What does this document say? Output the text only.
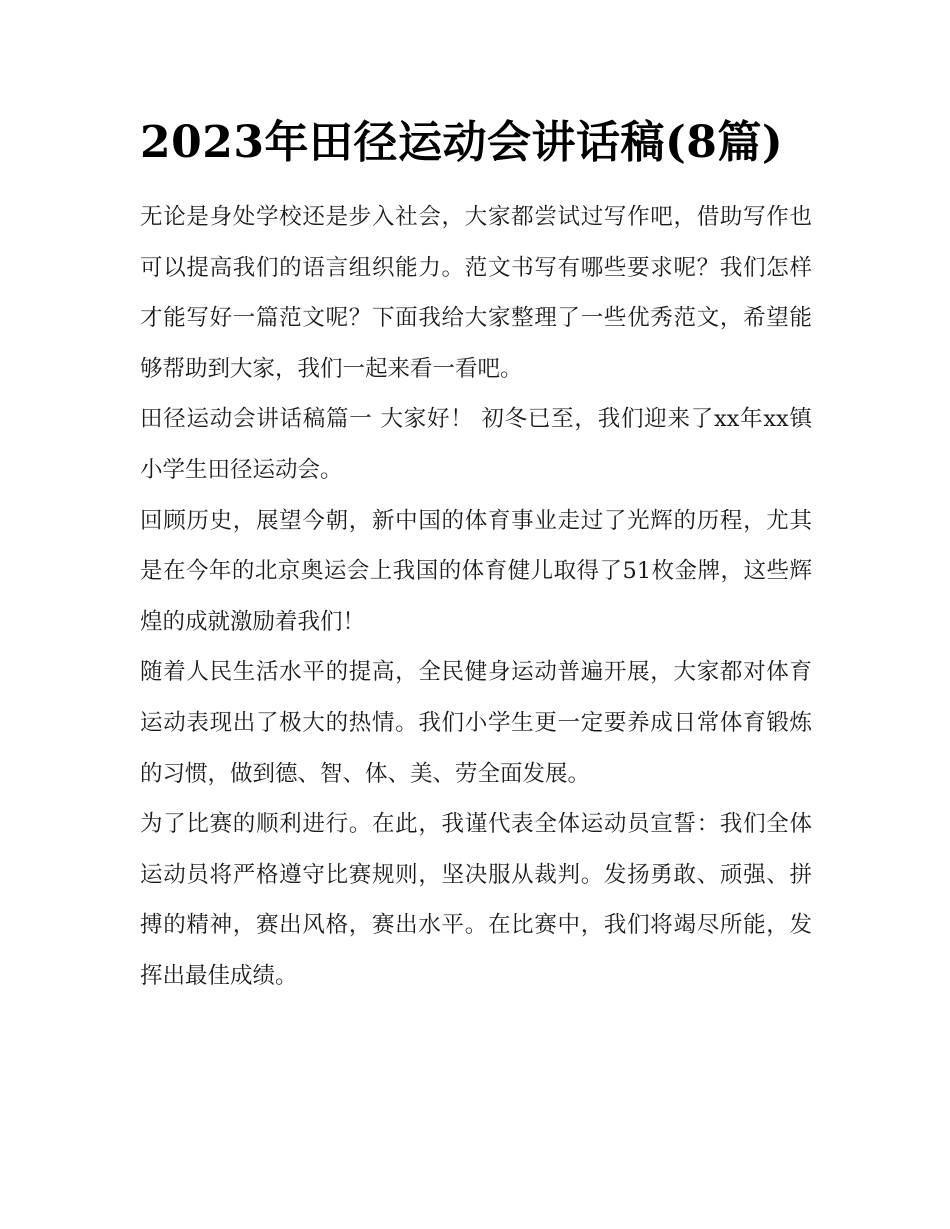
2023年田径运动会讲话稿(8篇)

无论是身处学校还是步入社会，大家都尝试过写作吧，借助写作也可以提高我们的语言组织能力。范文书写有哪些要求呢？我们怎样才能写好一篇范文呢？下面我给大家整理了一些优秀范文，希望能够帮助到大家，我们一起来看一看吧。

田径运动会讲话稿篇一 大家好！ 初冬已至，我们迎来了xx年xx镇小学生田径运动会。

回顾历史，展望今朝，新中国的体育事业走过了光辉的历程，尤其是在今年的北京奥运会上我国的体育健儿取得了51枚金牌，这些辉煌的成就激励着我们！

随着人民生活水平的提高，全民健身运动普遍开展，大家都对体育运动表现出了极大的热情。我们小学生更一定要养成日常体育锻炼的习惯，做到德、智、体、美、劳全面发展。

为了比赛的顺利进行。在此，我谨代表全体运动员宣誓：我们全体运动员将严格遵守比赛规则，坚决服从裁判。发扬勇敢、顽强、拼搏的精神，赛出风格，赛出水平。在比赛中，我们将竭尽所能，发挥出最佳成绩。
